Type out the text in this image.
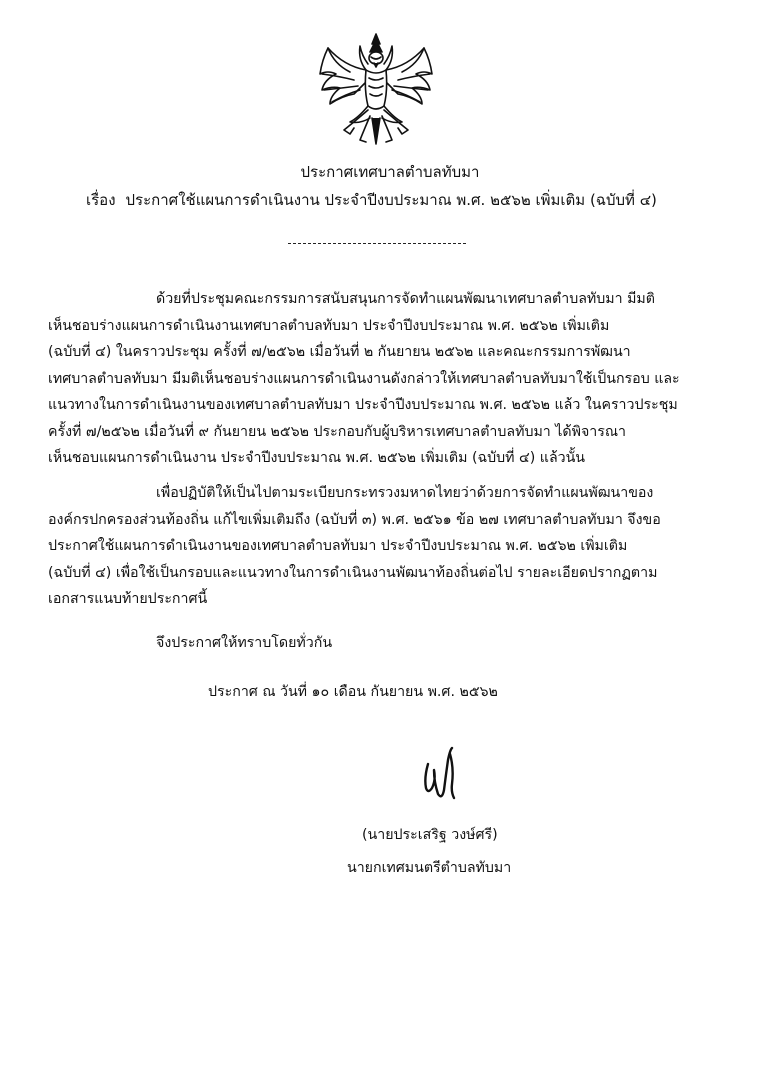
ประกาศเทศบาลตำบลทับมา
เรื่อง ประกาศใช้แผนการดำเนินงาน ประจำปีงบประมาณ พ.ศ. ๒๕๖๒ เพิ่มเติม (ฉบับที่ ๔)
ด้วยที่ประชุมคณะกรรมการสนับสนุนการจัดทำแผนพัฒนาเทศบาลตำบลทับมา มีมติ
เห็นชอบร่างแผนการดำเนินงานเทศบาลตำบลทับมา ประจำปีงบประมาณ พ.ศ. ๒๕๖๒ เพิ่มเติม
(ฉบับที่ ๔) ในคราวประชุม ครั้งที่ ๗/๒๕๖๒ เมื่อวันที่ ๒ กันยายน ๒๕๖๒ และคณะกรรมการพัฒนา
เทศบาลตำบลทับมา มีมติเห็นชอบร่างแผนการดำเนินงานดังกล่าวให้เทศบาลตำบลทับมาใช้เป็นกรอบ และ
แนวทางในการดำเนินงานของเทศบาลตำบลทับมา ประจำปีงบประมาณ พ.ศ. ๒๕๖๒ แล้ว ในคราวประชุม
ครั้งที่ ๗/๒๕๖๒ เมื่อวันที่ ๙ กันยายน ๒๕๖๒ ประกอบกับผู้บริหารเทศบาลตำบลทับมา ได้พิจารณา
เห็นชอบแผนการดำเนินงาน ประจำปีงบประมาณ พ.ศ. ๒๕๖๒ เพิ่มเติม (ฉบับที่ ๔) แล้วนั้น
เพื่อปฏิบัติให้เป็นไปตามระเบียบกระทรวงมหาดไทยว่าด้วยการจัดทำแผนพัฒนาของ
องค์กรปกครองส่วนท้องถิ่น แก้ไขเพิ่มเติมถึง (ฉบับที่ ๓) พ.ศ. ๒๕๖๑ ข้อ ๒๗ เทศบาลตำบลทับมา จึงขอ
ประกาศใช้แผนการดำเนินงานของเทศบาลตำบลทับมา ประจำปีงบประมาณ พ.ศ. ๒๕๖๒ เพิ่มเติม
(ฉบับที่ ๔) เพื่อใช้เป็นกรอบและแนวทางในการดำเนินงานพัฒนาท้องถิ่นต่อไป รายละเอียดปรากฏตาม
เอกสารแนบท้ายประกาศนี้
จึงประกาศให้ทราบโดยทั่วกัน
ประกาศ ณ วันที่ ๑๐ เดือน กันยายน พ.ศ. ๒๕๖๒
(นายประเสริฐ วงษ์ศรี)
นายกเทศมนตรีตำบลทับมา
